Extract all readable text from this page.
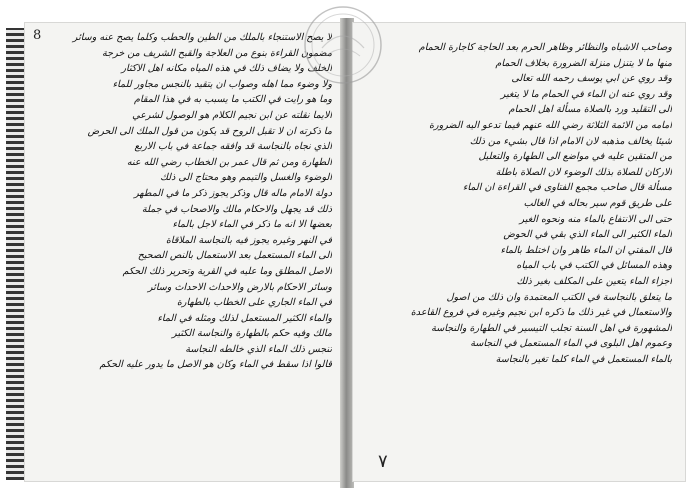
لا يصح الاستنجاء بالملك من الطين والحطب وكلما يصح عنه وسائر
مضمون القراءة بنوع من العلاجة والقبح الشريف من خرجة
الخلف ولا يضاف ذلك في هذه المياه مكانه اهل الاكثار
ولا وضوء مما اهله وصواب ان يتقيد بالنجس مجاور للماء
وما هو رايت في الكتب ما يسبب به في هذا المقام
الايما نقلته عن ابن نجيم الكلام هو الوصول لشرعي
ما ذكرته ان لا تقبل الروح قد يكون من قول الملك الى الحرض
الذي نجاه بالنجاسة قد وافقه جماعة في باب الاربع
الطهارة ومن ثم قال عمر بن الخطاب رضي الله عنه
الوضوء والغسل والتيمم وهو محتاج الى ذلك
دولة الامام ماله قال وذكر يجوز ذكر ما في المطهر
ذلك قد يجهل والاحكام مالك والاصحاب في جملة
بعضها الا انه ما ذكر في الماء لاجل بالماء
في النهر وغيره يجوز فيه بالنجاسة الملاقاة
الى الماء المستعمل بعد الاستعمال بالنص الصحيح
الاصل المطلق وما عليه في القرية وتحرير ذلك الحكم
وسائر الاحكام بالارض والاحداث الاحداث وسائر
في الماء الجاري على الخطاب بالطهارة
والماء الكثير المستعمل لذلك ومثله في الماء
مالك وفيه حكم بالطهارة والنجاسة الكثير
تنجس ذلك الماء الذي خالطه النجاسة
قالوا اذا سقط في الماء وكان هو الاصل ما يدور عليه الحكم
وصاحب الاشباه والنظائر وظاهر الحرم بعد الحاجة كاجارة الحمام
منها ما لا يتنزل منزلة الضرورة بخلاف الحمام
وقد روي عن ابي يوسف رحمه الله تعالى
وقد روي عنه ان الماء في الحمام ما لا يتغير
الى التقليد ورد بالصلاة مسألة اهل الحمام
امامه من الائمة الثلاثة رضي الله عنهم فيما تدعو اليه الضرورة
شيئا يخالف مذهبه لان الامام اذا قال بشيء من ذلك
من المتقين عليه في مواضع الى الطهارة والتعليل
الاركان للصلاة بذلك الوضوء لان الصلاة باطلة
مسألة قال صاحب مجمع الفتاوى في القراءة ان الماء
على طريق قوم سير بحاله في الغالب
حتى الى الانتفاع بالماء منه ونحوه الغير
الماء الكثير الى الماء الذي بقي في الحوض
قال المفتي ان الماء طاهر وان اختلط بالماء
وهذه المسائل في الكتب في باب المياه
اجزاء الماء يتعين على المكلف بغير ذلك
ما يتعلق بالنجاسة في الكتب المعتمدة وان ذلك من اصول
والاستعمال في غير ذلك ما ذكره ابن نجيم وغيره في فروع القاعدة
المشهورة في اهل السنة تجلب التيسير في الطهارة والنجاسة
وعموم اهل البلوى في الماء المستعمل في النجاسة
بالماء المستعمل في الماء كلما تغير بالنجاسة
8
٧
